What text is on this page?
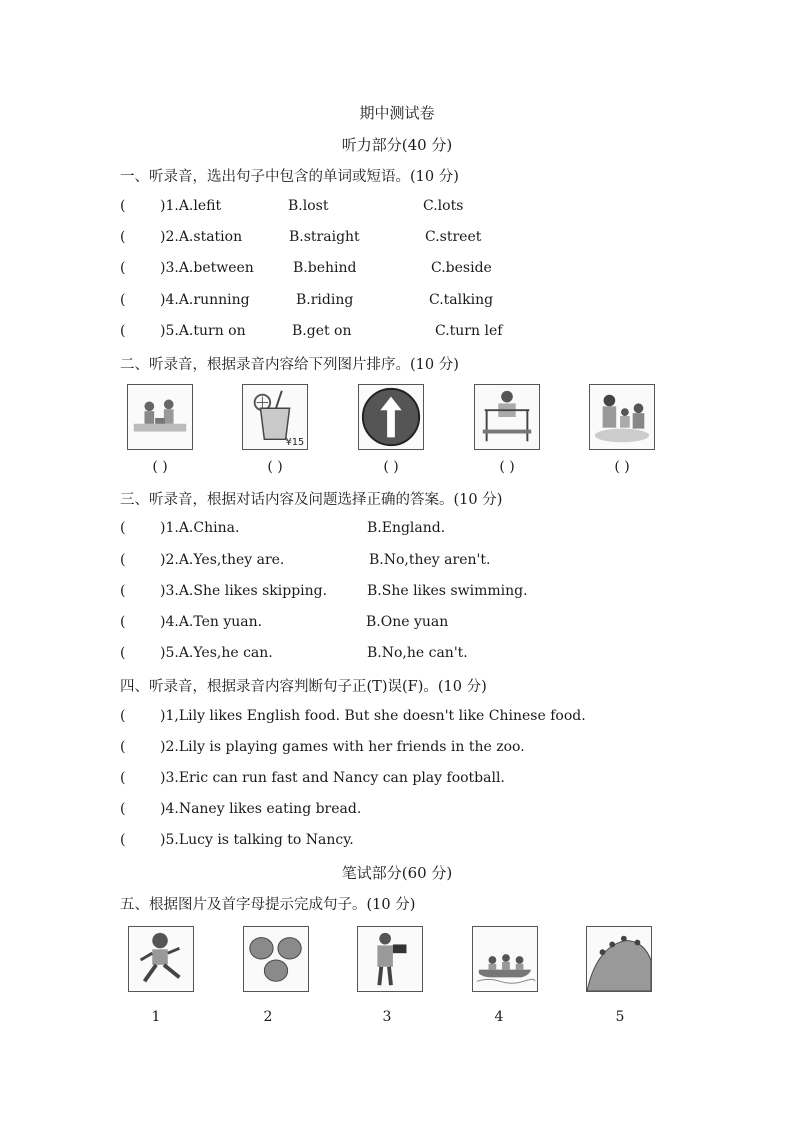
期中测试卷
听力部分(40 分)
一、听录音，选出句子中包含的单词或短语。(10 分)
( )1.A.lefit	B.lost	C.lots
( )2.A.station	B.straight	C.street
( )3.A.between	B.behind	C.beside
( )4.A.running	B.riding	C.talking
( )5.A.turn on	B.get on	C.turn lef
二、听录音，根据录音内容给下列图片排序。(10 分)
¥15
( )	( )	( )	( )	( )
三、听录音，根据对话内容及问题选择正确的答案。(10 分)
( )1.A.China.	B.England.
( )2.A.Yes,they are.	B.No,they aren't.
( )3.A.She likes skipping.	B.She likes swimming.
( )4.A.Ten yuan.	B.One yuan
( )5.A.Yes,he can.	B.No,he can't.
四、听录音，根据录音内容判断句子正(T)误(F)。(10 分)
( )1,Lily likes English food. But she doesn't like Chinese food.
( )2.Lily is playing games with her friends in the zoo.
( )3.Eric can run fast and Nancy can play football.
( )4.Naney likes eating bread.
( )5.Lucy is talking to Nancy.
笔试部分(60 分)
五、根据图片及首字母提示完成句子。(10 分)
1	2	3	4	5
